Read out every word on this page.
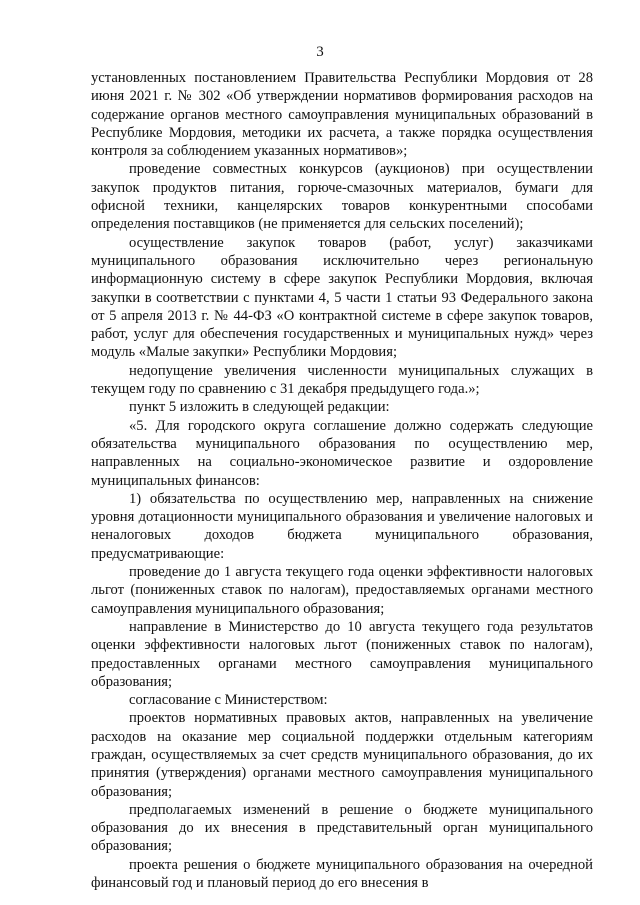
3

установленных постановлением Правительства Республики Мордовия от 28 июня 2021 г. № 302 «Об утверждении нормативов формирования расходов на содержание органов местного самоуправления муниципальных образований в Республике Мордовия, методики их расчета, а также порядка осуществления контроля за соблюдением указанных нормативов»;

проведение совместных конкурсов (аукционов) при осуществлении закупок продуктов питания, горюче-смазочных материалов, бумаги для офисной техники, канцелярских товаров конкурентными способами определения поставщиков (не применяется для сельских поселений);

осуществление закупок товаров (работ, услуг) заказчиками муниципального образования исключительно через региональную информационную систему в сфере закупок Республики Мордовия, включая закупки в соответствии с пунктами 4, 5 части 1 статьи 93 Федерального закона от 5 апреля 2013 г. № 44-ФЗ «О контрактной системе в сфере закупок товаров, работ, услуг для обеспечения государственных и муниципальных нужд» через модуль «Малые закупки» Республики Мордовия;

недопущение увеличения численности муниципальных служащих в текущем году по сравнению с 31 декабря предыдущего года.»;

пункт 5 изложить в следующей редакции:

«5. Для городского округа соглашение должно содержать следующие обязательства муниципального образования по осуществлению мер, направленных на социально-экономическое развитие и оздоровление муниципальных финансов:

1) обязательства по осуществлению мер, направленных на снижение уровня дотационности муниципального образования и увеличение налоговых и неналоговых доходов бюджета муниципального образования, предусматривающие:

проведение до 1 августа текущего года оценки эффективности налоговых льгот (пониженных ставок по налогам), предоставляемых органами местного самоуправления муниципального образования;

направление в Министерство до 10 августа текущего года результатов оценки эффективности налоговых льгот (пониженных ставок по налогам), предоставленных органами местного самоуправления муниципального образования;

согласование с Министерством:

проектов нормативных правовых актов, направленных на увеличение расходов на оказание мер социальной поддержки отдельным категориям граждан, осуществляемых за счет средств муниципального образования, до их принятия (утверждения) органами местного самоуправления муниципального образования;

предполагаемых изменений в решение о бюджете муниципального образования до их внесения в представительный орган муниципального образования;

проекта решения о бюджете муниципального образования на очередной финансовый год и плановый период до его внесения в
